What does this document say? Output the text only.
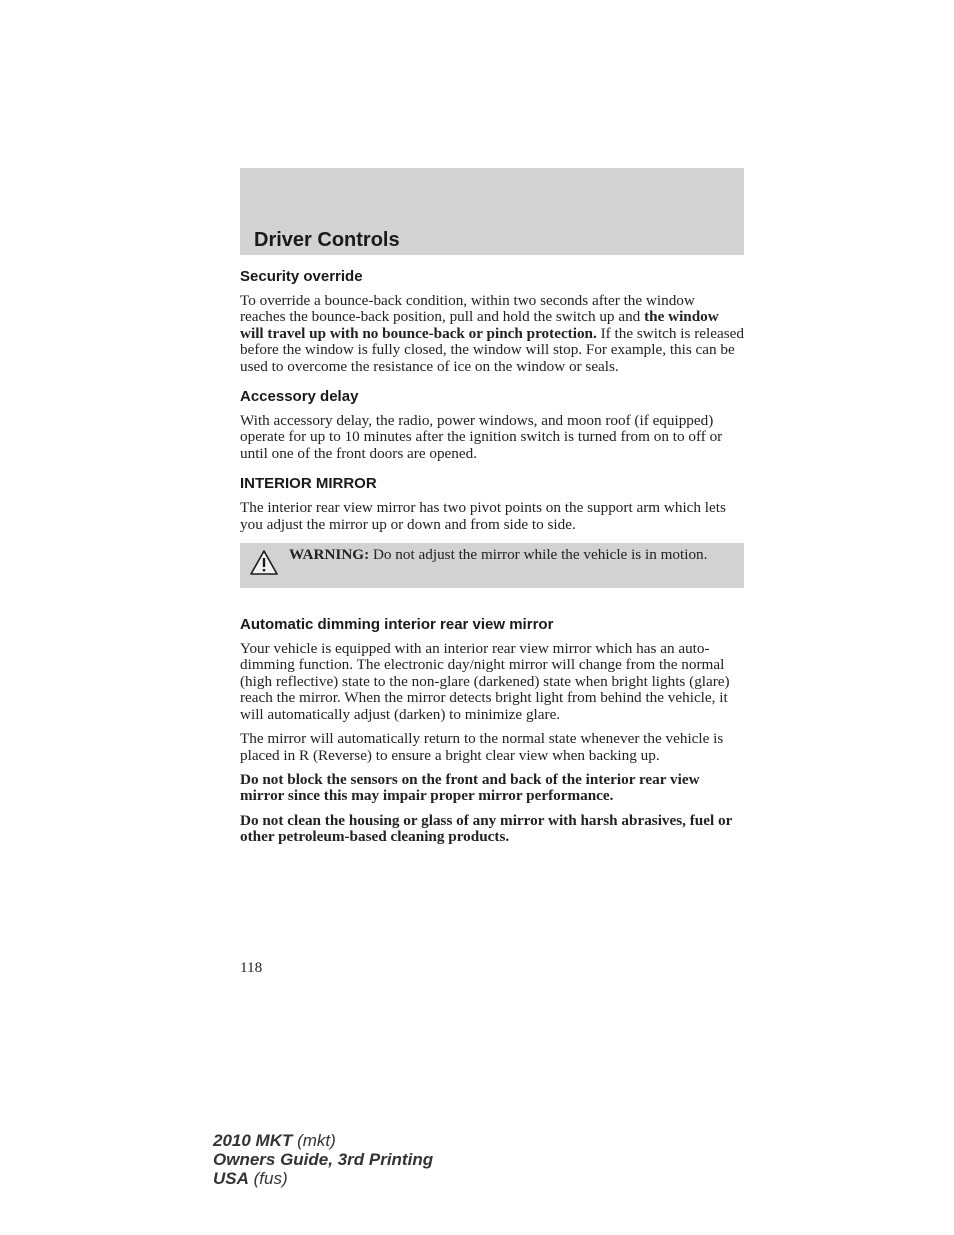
Driver Controls
Security override

To override a bounce-back condition, within two seconds after the window reaches the bounce-back position, pull and hold the switch up and the window will travel up with no bounce-back or pinch protection. If the switch is released before the window is fully closed, the window will stop. For example, this can be used to overcome the resistance of ice on the window or seals.

Accessory delay

With accessory delay, the radio, power windows, and moon roof (if equipped) operate for up to 10 minutes after the ignition switch is turned from on to off or until one of the front doors are opened.

INTERIOR MIRROR

The interior rear view mirror has two pivot points on the support arm which lets you adjust the mirror up or down and from side to side.

WARNING: Do not adjust the mirror while the vehicle is in motion.
Automatic dimming interior rear view mirror

Your vehicle is equipped with an interior rear view mirror which has an auto-dimming function. The electronic day/night mirror will change from the normal (high reflective) state to the non-glare (darkened) state when bright lights (glare) reach the mirror. When the mirror detects bright light from behind the vehicle, it will automatically adjust (darken) to minimize glare.

The mirror will automatically return to the normal state whenever the vehicle is placed in R (Reverse) to ensure a bright clear view when backing up.

Do not block the sensors on the front and back of the interior rear view mirror since this may impair proper mirror performance.

Do not clean the housing or glass of any mirror with harsh abrasives, fuel or other petroleum-based cleaning products.

118
2010 MKT (mkt)
Owners Guide, 3rd Printing
USA (fus)
